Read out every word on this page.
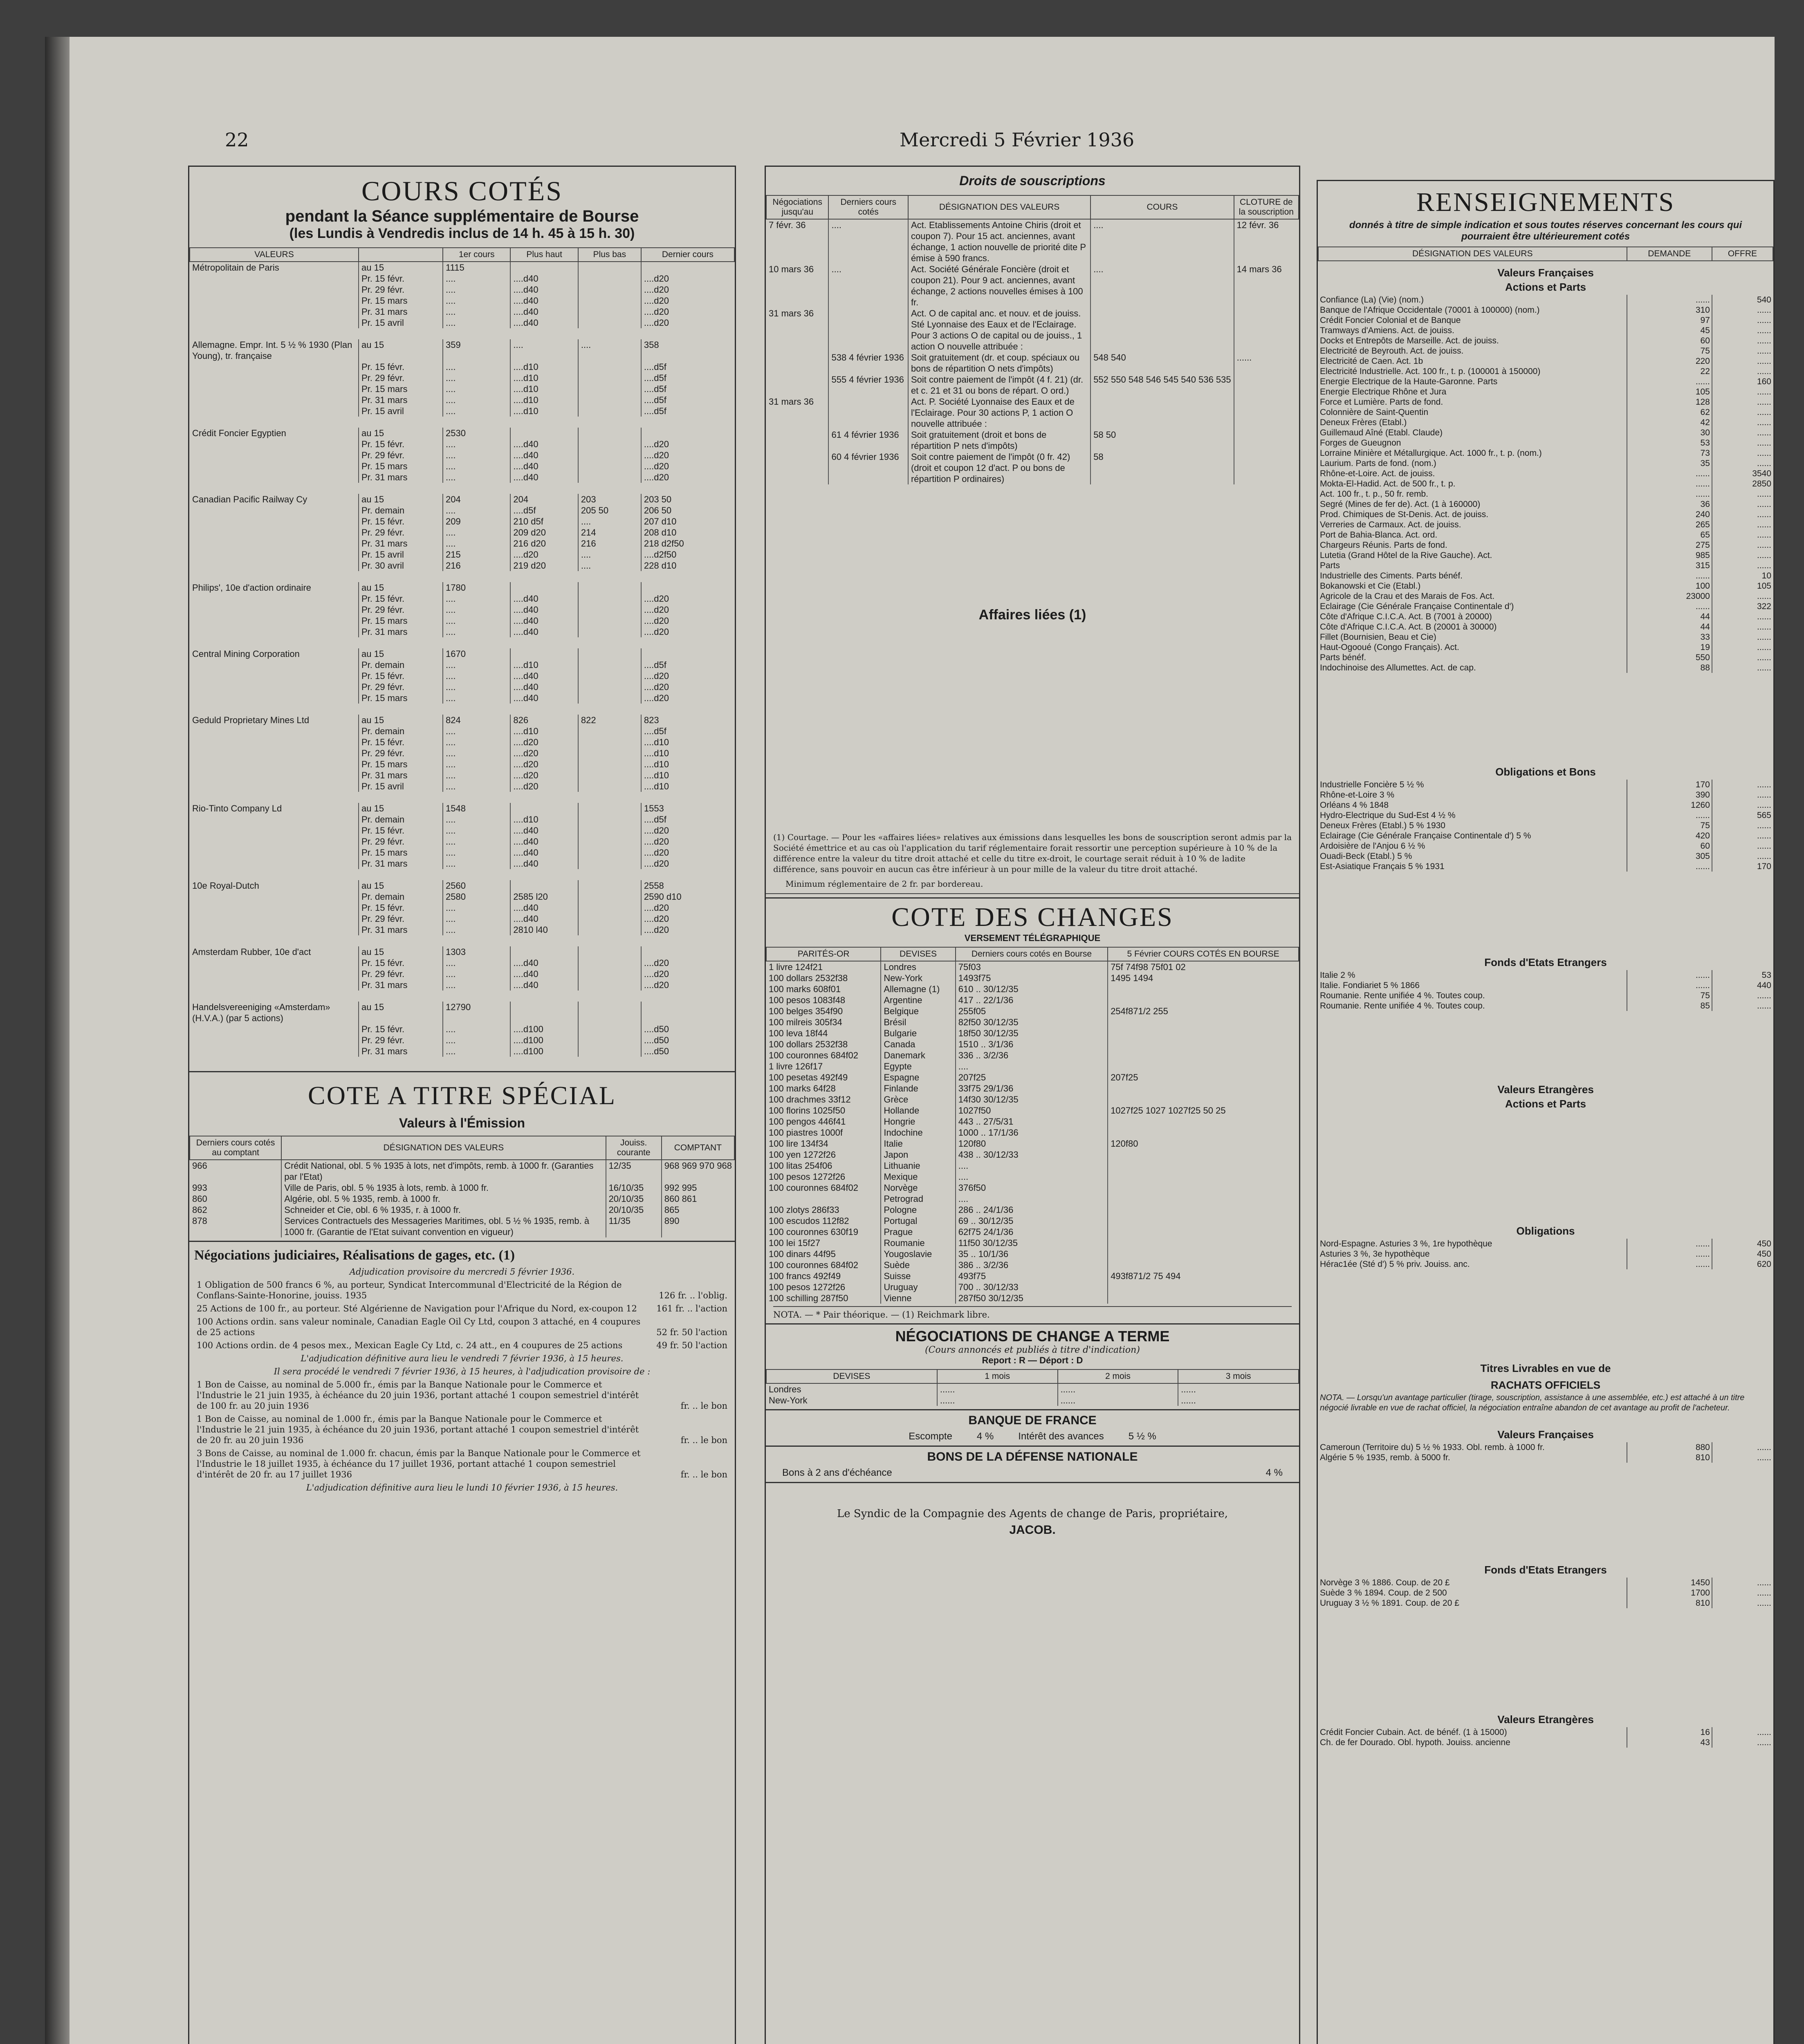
22	Mercredi 5 Février 1936
COURS COTÉS
pendant la Séance supplémentaire de Bourse
(les Lundis à Vendredis inclus de 14 h. 45 à 15 h. 30)
VALEURS		1er cours	Plus haut	Plus bas	Dernier cours
Métropolitain de Paris	au 15	1115			
	Pr. 15 févr.	....	....d40		....d20
	Pr. 29 févr.	....	....d40		....d20
	Pr. 15 mars	....	....d40		....d20
	Pr. 31 mars	....	....d40		....d20
	Pr. 15 avril	....	....d40		....d20

Allemagne. Empr. Int. 5 ½ % 1930 (Plan Young), tr. française	au 15	359	....	....	358
	Pr. 15 févr.	....	....d10		....d5f
	Pr. 29 févr.	....	....d10		....d5f
	Pr. 15 mars	....	....d10		....d5f
	Pr. 31 mars	....	....d10		....d5f
	Pr. 15 avril	....	....d10		....d5f

Crédit Foncier Egyptien	au 15	2530			
	Pr. 15 févr.	....	....d40		....d20
	Pr. 29 févr.	....	....d40		....d20
	Pr. 15 mars	....	....d40		....d20
	Pr. 31 mars	....	....d40		....d20

Canadian Pacific Railway Cy	au 15	204	204	203	203 50
	Pr. demain	....	....d5f	205 50	206 50
	Pr. 15 févr.	209	210 d5f	....	207 d10
	Pr. 29 févr.	....	209 d20	214	208 d10
	Pr. 31 mars	....	216 d20	216	218 d2f50
	Pr. 15 avril	215	....d20	....	....d2f50
	Pr. 30 avril	216	219 d20	....	228 d10

Philips', 10e d'action ordinaire	au 15	1780			
	Pr. 15 févr.	....	....d40		....d20
	Pr. 29 févr.	....	....d40		....d20
	Pr. 15 mars	....	....d40		....d20
	Pr. 31 mars	....	....d40		....d20

Central Mining Corporation	au 15	1670			
	Pr. demain	....	....d10		....d5f
	Pr. 15 févr.	....	....d40		....d20
	Pr. 29 févr.	....	....d40		....d20
	Pr. 15 mars	....	....d40		....d20

Geduld Proprietary Mines Ltd	au 15	824	826	822	823
	Pr. demain	....	....d10		....d5f
	Pr. 15 févr.	....	....d20		....d10
	Pr. 29 févr.	....	....d20		....d10
	Pr. 15 mars	....	....d20		....d10
	Pr. 31 mars	....	....d20		....d10
	Pr. 15 avril	....	....d20		....d10

Rio-Tinto Company Ld	au 15	1548			1553
	Pr. demain	....	....d10		....d5f
	Pr. 15 févr.	....	....d40		....d20
	Pr. 29 févr.	....	....d40		....d20
	Pr. 15 mars	....	....d40		....d20
	Pr. 31 mars	....	....d40		....d20

10e Royal-Dutch	au 15	2560			2558
	Pr. demain	2580	2585 l20		2590 d10
	Pr. 15 févr.	....	....d40		....d20
	Pr. 29 févr.	....	....d40		....d20
	Pr. 31 mars	....	2810 l40		....d20

Amsterdam Rubber, 10e d'act	au 15	1303			
	Pr. 15 févr.	....	....d40		....d20
	Pr. 29 févr.	....	....d40		....d20
	Pr. 31 mars	....	....d40		....d20

Handelsvereeniging «Amsterdam» (H.V.A.) (par 5 actions)	au 15	12790			
	Pr. 15 févr.	....	....d100		....d50
	Pr. 29 févr.	....	....d100		....d50
	Pr. 31 mars	....	....d100		....d50

COTE A TITRE SPÉCIAL
Valeurs à l'Émission
Derniers cours cotés au comptant	DÉSIGNATION DES VALEURS	Jouiss. courante	COMPTANT
966	Crédit National, obl. 5 % 1935 à lots, net d'impôts, remb. à 1000 fr. (Garanties par l'Etat)	12/35	968 969 970 968
993	Ville de Paris, obl. 5 % 1935 à lots, remb. à 1000 fr.	16/10/35	992 995
860	Algérie, obl. 5 % 1935, remb. à 1000 fr.	20/10/35	860 861
862	Schneider et Cie, obl. 6 % 1935, r. à 1000 fr.	20/10/35	865
878	Services Contractuels des Messageries Maritimes, obl. 5 ½ % 1935, remb. à 1000 fr. (Garantie de l'Etat suivant convention en vigueur)	11/35	890
Négociations judiciaires, Réalisations de gages, etc. (1)
Adjudication provisoire du mercredi 5 février 1936.
1 Obligation de 500 francs 6 %, au porteur, Syndicat Intercommunal d'Electricité de la Région de Conflans-Sainte-Honorine, jouiss. 1935	126 fr. .. l'oblig.
25 Actions de 100 fr., au porteur. Sté Algérienne de Navigation pour l'Afrique du Nord, ex-coupon 12	161 fr. .. l'action
100 Actions ordin. sans valeur nominale, Canadian Eagle Oil Cy Ltd, coupon 3 attaché, en 4 coupures de 25 actions	52 fr. 50 l'action
100 Actions ordin. de 4 pesos mex., Mexican Eagle Cy Ltd, c. 24 att., en 4 coupures de 25 actions	49 fr. 50 l'action
L'adjudication définitive aura lieu le vendredi 7 février 1936, à 15 heures.
Il sera procédé le vendredi 7 février 1936, à 15 heures, à l'adjudication provisoire de :
1 Bon de Caisse, au nominal de 5.000 fr., émis par la Banque Nationale pour le Commerce et l'Industrie le 21 juin 1935, à échéance du 20 juin 1936, portant attaché 1 coupon semestriel d'intérêt de 100 fr. au 20 juin 1936	fr. .. le bon
1 Bon de Caisse, au nominal de 1.000 fr., émis par la Banque Nationale pour le Commerce et l'Industrie le 21 juin 1935, à échéance du 20 juin 1936, portant attaché 1 coupon semestriel d'intérêt de 20 fr. au 20 juin 1936	fr. .. le bon
3 Bons de Caisse, au nominal de 1.000 fr. chacun, émis par la Banque Nationale pour le Commerce et l'Industrie le 18 juillet 1935, à échéance du 17 juillet 1936, portant attaché 1 coupon semestriel d'intérêt de 20 fr. au 17 juillet 1936	fr. .. le bon
L'adjudication définitive aura lieu le lundi 10 février 1936, à 15 heures.
Droits de souscriptions
Négociations jusqu'au	Derniers cours cotés	DÉSIGNATION DES VALEURS	COURS	CLOTURE de la souscription
7 févr. 36	....	Act. Etablissements Antoine Chiris (droit et coupon 7). Pour 15 act. anciennes, avant échange, 1 action nouvelle de priorité dite P émise à 590 francs.	....	12 févr. 36
10 mars 36	....	Act. Société Générale Foncière (droit et coupon 21). Pour 9 act. anciennes, avant échange, 2 actions nouvelles émises à 100 fr.	....	14 mars 36
31 mars 36		Act. O de capital anc. et nouv. et de jouiss. Sté Lyonnaise des Eaux et de l'Eclairage. Pour 3 actions O de capital ou de jouiss., 1 action O nouvelle attribuée :		
	538 4 février 1936	Soit gratuitement (dr. et coup. spéciaux ou bons de répartition O nets d'impôts)	548 540	......
	555 4 février 1936	Soit contre paiement de l'impôt (4 f. 21) (dr. et c. 21 et 31 ou bons de répart. O ord.)	552 550 548 546 545 540 536 535	
31 mars 36		Act. P. Société Lyonnaise des Eaux et de l'Eclairage. Pour 30 actions P, 1 action O nouvelle attribuée :		
	61 4 février 1936	Soit gratuitement (droit et bons de répartition P nets d'impôts)	58 50	
	60 4 février 1936	Soit contre paiement de l'impôt (0 fr. 42) (droit et coupon 12 d'act. P ou bons de répartition P ordinaires)	58	
Affaires liées (1)
(1) Courtage. — Pour les «affaires liées» relatives aux émissions dans lesquelles les bons de souscription seront admis par la Société émettrice et au cas où l'application du tarif réglementaire forait ressortir une perception supérieure à 10 % de la différence entre la valeur du titre droit attaché et celle du titre ex-droit, le courtage serait réduit à 10 % de ladite différence, sans pouvoir en aucun cas être inférieur à un pour mille de la valeur du titre droit attaché.
Minimum réglementaire de 2 fr. par bordereau.
COTE DES CHANGES
VERSEMENT TÉLÉGRAPHIQUE
PARITÉS-OR	DEVISES	Derniers cours cotés en Bourse	5 Février COURS COTÉS EN BOURSE
1 livre 124f21	Londres	75f03	75f 74f98 75f01 02
100 dollars 2532f38	New-York	1493f75	1495 1494
100 marks 608f01	Allemagne (1)	610 .. 30/12/35	
100 pesos 1083f48	Argentine	417 .. 22/1/36	
100 belges 354f90	Belgique	255f05	254f871/2 255
100 milreis 305f34	Brésil	82f50 30/12/35	
100 leva 18f44	Bulgarie	18f50 30/12/35	
100 dollars 2532f38	Canada	1510 .. 3/1/36	
100 couronnes 684f02	Danemark	336 .. 3/2/36	
1 livre 126f17	Egypte	....	
100 pesetas 492f49	Espagne	207f25	207f25
100 marks 64f28	Finlande	33f75 29/1/36	
100 drachmes 33f12	Grèce	14f30 30/12/35	
100 florins 1025f50	Hollande	1027f50	1027f25 1027 1027f25 50 25
100 pengos 446f41	Hongrie	443 .. 27/5/31	
100 piastres 1000f	Indochine	1000 .. 17/1/36	
100 lire 134f34	Italie	120f80	120f80
100 yen 1272f26	Japon	438 .. 30/12/33	
100 litas 254f06	Lithuanie	....	
100 pesos 1272f26	Mexique	....	
100 couronnes 684f02	Norvège	376f50	
	Petrograd	....	
100 zlotys 286f33	Pologne	286 .. 24/1/36	
100 escudos 112f82	Portugal	69 .. 30/12/35	
100 couronnes 630f19	Prague	62f75 24/1/36	
100 lei 15f27	Roumanie	11f50 30/12/35	
100 dinars 44f95	Yougoslavie	35 .. 10/1/36	
100 couronnes 684f02	Suède	386 .. 3/2/36	
100 francs 492f49	Suisse	493f75	493f871/2 75 494
100 pesos 1272f26	Uruguay	700 .. 30/12/33	
100 schilling 287f50	Vienne	287f50 30/12/35	
NOTA. — * Pair théorique. — (1) Reichmark libre.
NÉGOCIATIONS DE CHANGE A TERME
(Cours annoncés et publiés à titre d'indication)
Report : R — Déport : D
DEVISES	1 mois	2 mois	3 mois
Londres	......	......	......
New-York	......	......	......
BANQUE DE FRANCE
Escompte	4 %	Intérêt des avances	5 ½ %
BONS DE LA DÉFENSE NATIONALE
Bons à 2 ans d'échéance	4 %
Le Syndic de la Compagnie des Agents de change de Paris, propriétaire,
JACOB.
RENSEIGNEMENTS
donnés à titre de simple indication et sous toutes réserves concernant les cours qui pourraient être ultérieurement cotés
DÉSIGNATION DES VALEURS	DEMANDE	OFFRE
Valeurs Françaises		
Actions et Parts		
Confiance (La) (Vie) (nom.)	......	540
Banque de l'Afrique Occidentale (70001 à 100000) (nom.)	310	......
Crédit Foncier Colonial et de Banque	97	......
Tramways d'Amiens. Act. de jouiss.	45	......
Docks et Entrepôts de Marseille. Act. de jouiss.	60	......
Electricité de Beyrouth. Act. de jouiss.	75	......
Electricité de Caen. Act. 1b	220	......
Electricité Industrielle. Act. 100 fr., t. p. (100001 à 150000)	22	......
Energie Electrique de la Haute-Garonne. Parts	......	160
Energie Electrique Rhône et Jura	105	......
Force et Lumière. Parts de fond.	128	......
Colonnière de Saint-Quentin	62	......
Deneux Frères (Etabl.)	42	......
Guillemaud Aîné (Etabl. Claude)	30	......
Forges de Gueugnon	53	......
Lorraine Minière et Métallurgique. Act. 1000 fr., t. p. (nom.)	73	......
Laurium. Parts de fond. (nom.)	35	......
Rhône-et-Loire. Act. de jouiss.	......	3540
Mokta-El-Hadid. Act. de 500 fr., t. p.	......	2850
Act. 100 fr., t. p., 50 fr. remb.	......	......
Segré (Mines de fer de). Act. (1 à 160000)	36	......
Prod. Chimiques de St-Denis. Act. de jouiss.	240	......
Verreries de Carmaux. Act. de jouiss.	265	......
Port de Bahia-Blanca. Act. ord.	65	......
Chargeurs Réunis. Parts de fond.	275	......
Lutetia (Grand Hôtel de la Rive Gauche). Act.	985	......
Parts	315	......
Industrielle des Ciments. Parts bénéf.	......	10
Bokanowski et Cie (Etabl.)	100	105
Agricole de la Crau et des Marais de Fos. Act.	23000	......
Eclairage (Cie Générale Française Continentale d')	......	322
Côte d'Afrique C.I.C.A. Act. B (7001 à 20000)	44	......
Côte d'Afrique C.I.C.A. Act. B (20001 à 30000)	44	......
Fillet (Bournisien, Beau et Cie)	33	......
Haut-Ogooué (Congo Français). Act.	19	......
Parts bénéf.	550	......
Indochinoise des Allumettes. Act. de cap.	88	......

Obligations et Bons		
Industrielle Foncière 5 ½ %	170	......
Rhône-et-Loire 3 %	390	......
Orléans 4 % 1848	1260	......
Hydro-Electrique du Sud-Est 4 ½ %	......	565
Deneux Frères (Etabl.) 5 % 1930	75	......
Eclairage (Cie Générale Française Continentale d') 5 %	420	......
Ardoisière de l'Anjou 6 ½ %	60	......
Ouadi-Beck (Etabl.) 5 %	305	......
Est-Asiatique Français 5 % 1931	......	170

Fonds d'Etats Etrangers		
Italie 2 %	......	53
Italie. Fondiariet 5 % 1866	......	440
Roumanie. Rente unifiée 4 %. Toutes coup.	75	......
Roumanie. Rente unifiée 4 %. Toutes coup.	85	......

Valeurs Etrangères		
Actions et Parts		

Obligations		
Nord-Espagne. Asturies 3 %, 1re hypothèque	......	450
Asturies 3 %, 3e hypothèque	......	450
Hérac1ée (Sté d') 5 % priv. Jouiss. anc.	......	620

Titres Livrables en vue de		
RACHATS OFFICIELS		
NOTA. — Lorsqu'un avantage particulier (tirage, souscription, assistance à une assemblée, etc.) est attaché à un titre négocié livrable en vue de rachat officiel, la négociation entraîne abandon de cet avantage au profit de l'acheteur.		
Valeurs Françaises		
Cameroun (Territoire du) 5 ½ % 1933. Obl. remb. à 1000 fr.	880	......
Algérie 5 % 1935, remb. à 5000 fr.	810	......

Fonds d'Etats Etrangers		
Norvège 3 % 1886. Coup. de 20 £	1450	......
Suède 3 % 1894. Coup. de 2 500	1700	......
Uruguay 3 ½ % 1891. Coup. de 20 £	810	......

Valeurs Etrangères		
Crédit Foncier Cubain. Act. de bénéf. (1 à 15000)	16	......
Ch. de fer Dourado. Obl. hypoth. Jouiss. ancienne	43	......
